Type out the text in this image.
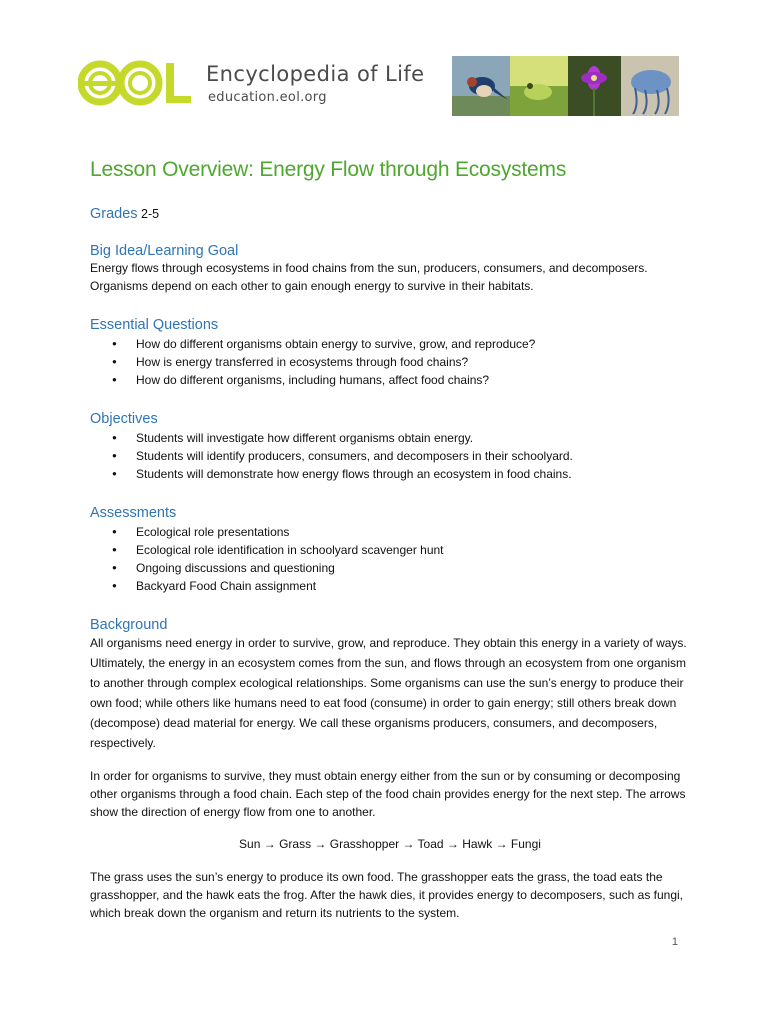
Encyclopedia of Life
education.eol.org
Lesson Overview: Energy Flow through Ecosystems
Grades 2-5
Big Idea/Learning Goal

Energy flows through ecosystems in food chains from the sun, producers, consumers, and decomposers. Organisms depend on each other to gain enough energy to survive in their habitats.

Essential Questions
● How do different organisms obtain energy to survive, grow, and reproduce?
● How is energy transferred in ecosystems through food chains?
● How do different organisms, including humans, affect food chains?
Objectives
● Students will investigate how different organisms obtain energy.
● Students will identify producers, consumers, and decomposers in their schoolyard.
● Students will demonstrate how energy flows through an ecosystem in food chains.
Assessments
● Ecological role presentations
● Ecological role identification in schoolyard scavenger hunt
● Ongoing discussions and questioning
● Backyard Food Chain assignment
Background

All organisms need energy in order to survive, grow, and reproduce. They obtain this energy in a variety of ways. Ultimately, the energy in an ecosystem comes from the sun, and flows through an ecosystem from one organism to another through complex ecological relationships. Some organisms can use the sun’s energy to produce their own food; while others like humans need to eat food (consume) in order to gain energy; still others break down (decompose) dead material for energy. We call these organisms producers, consumers, and decomposers, respectively.

In order for organisms to survive, they must obtain energy either from the sun or by consuming or decomposing other organisms through a food chain. Each step of the food chain provides energy for the next step. The arrows show the direction of energy flow from one to another.

Sun → Grass → Grasshopper → Toad → Hawk → Fungi

The grass uses the sun’s energy to produce its own food. The grasshopper eats the grass, the toad eats the grasshopper, and the hawk eats the frog. After the hawk dies, it provides energy to decomposers, such as fungi, which break down the organism and return its nutrients to the system.

1
